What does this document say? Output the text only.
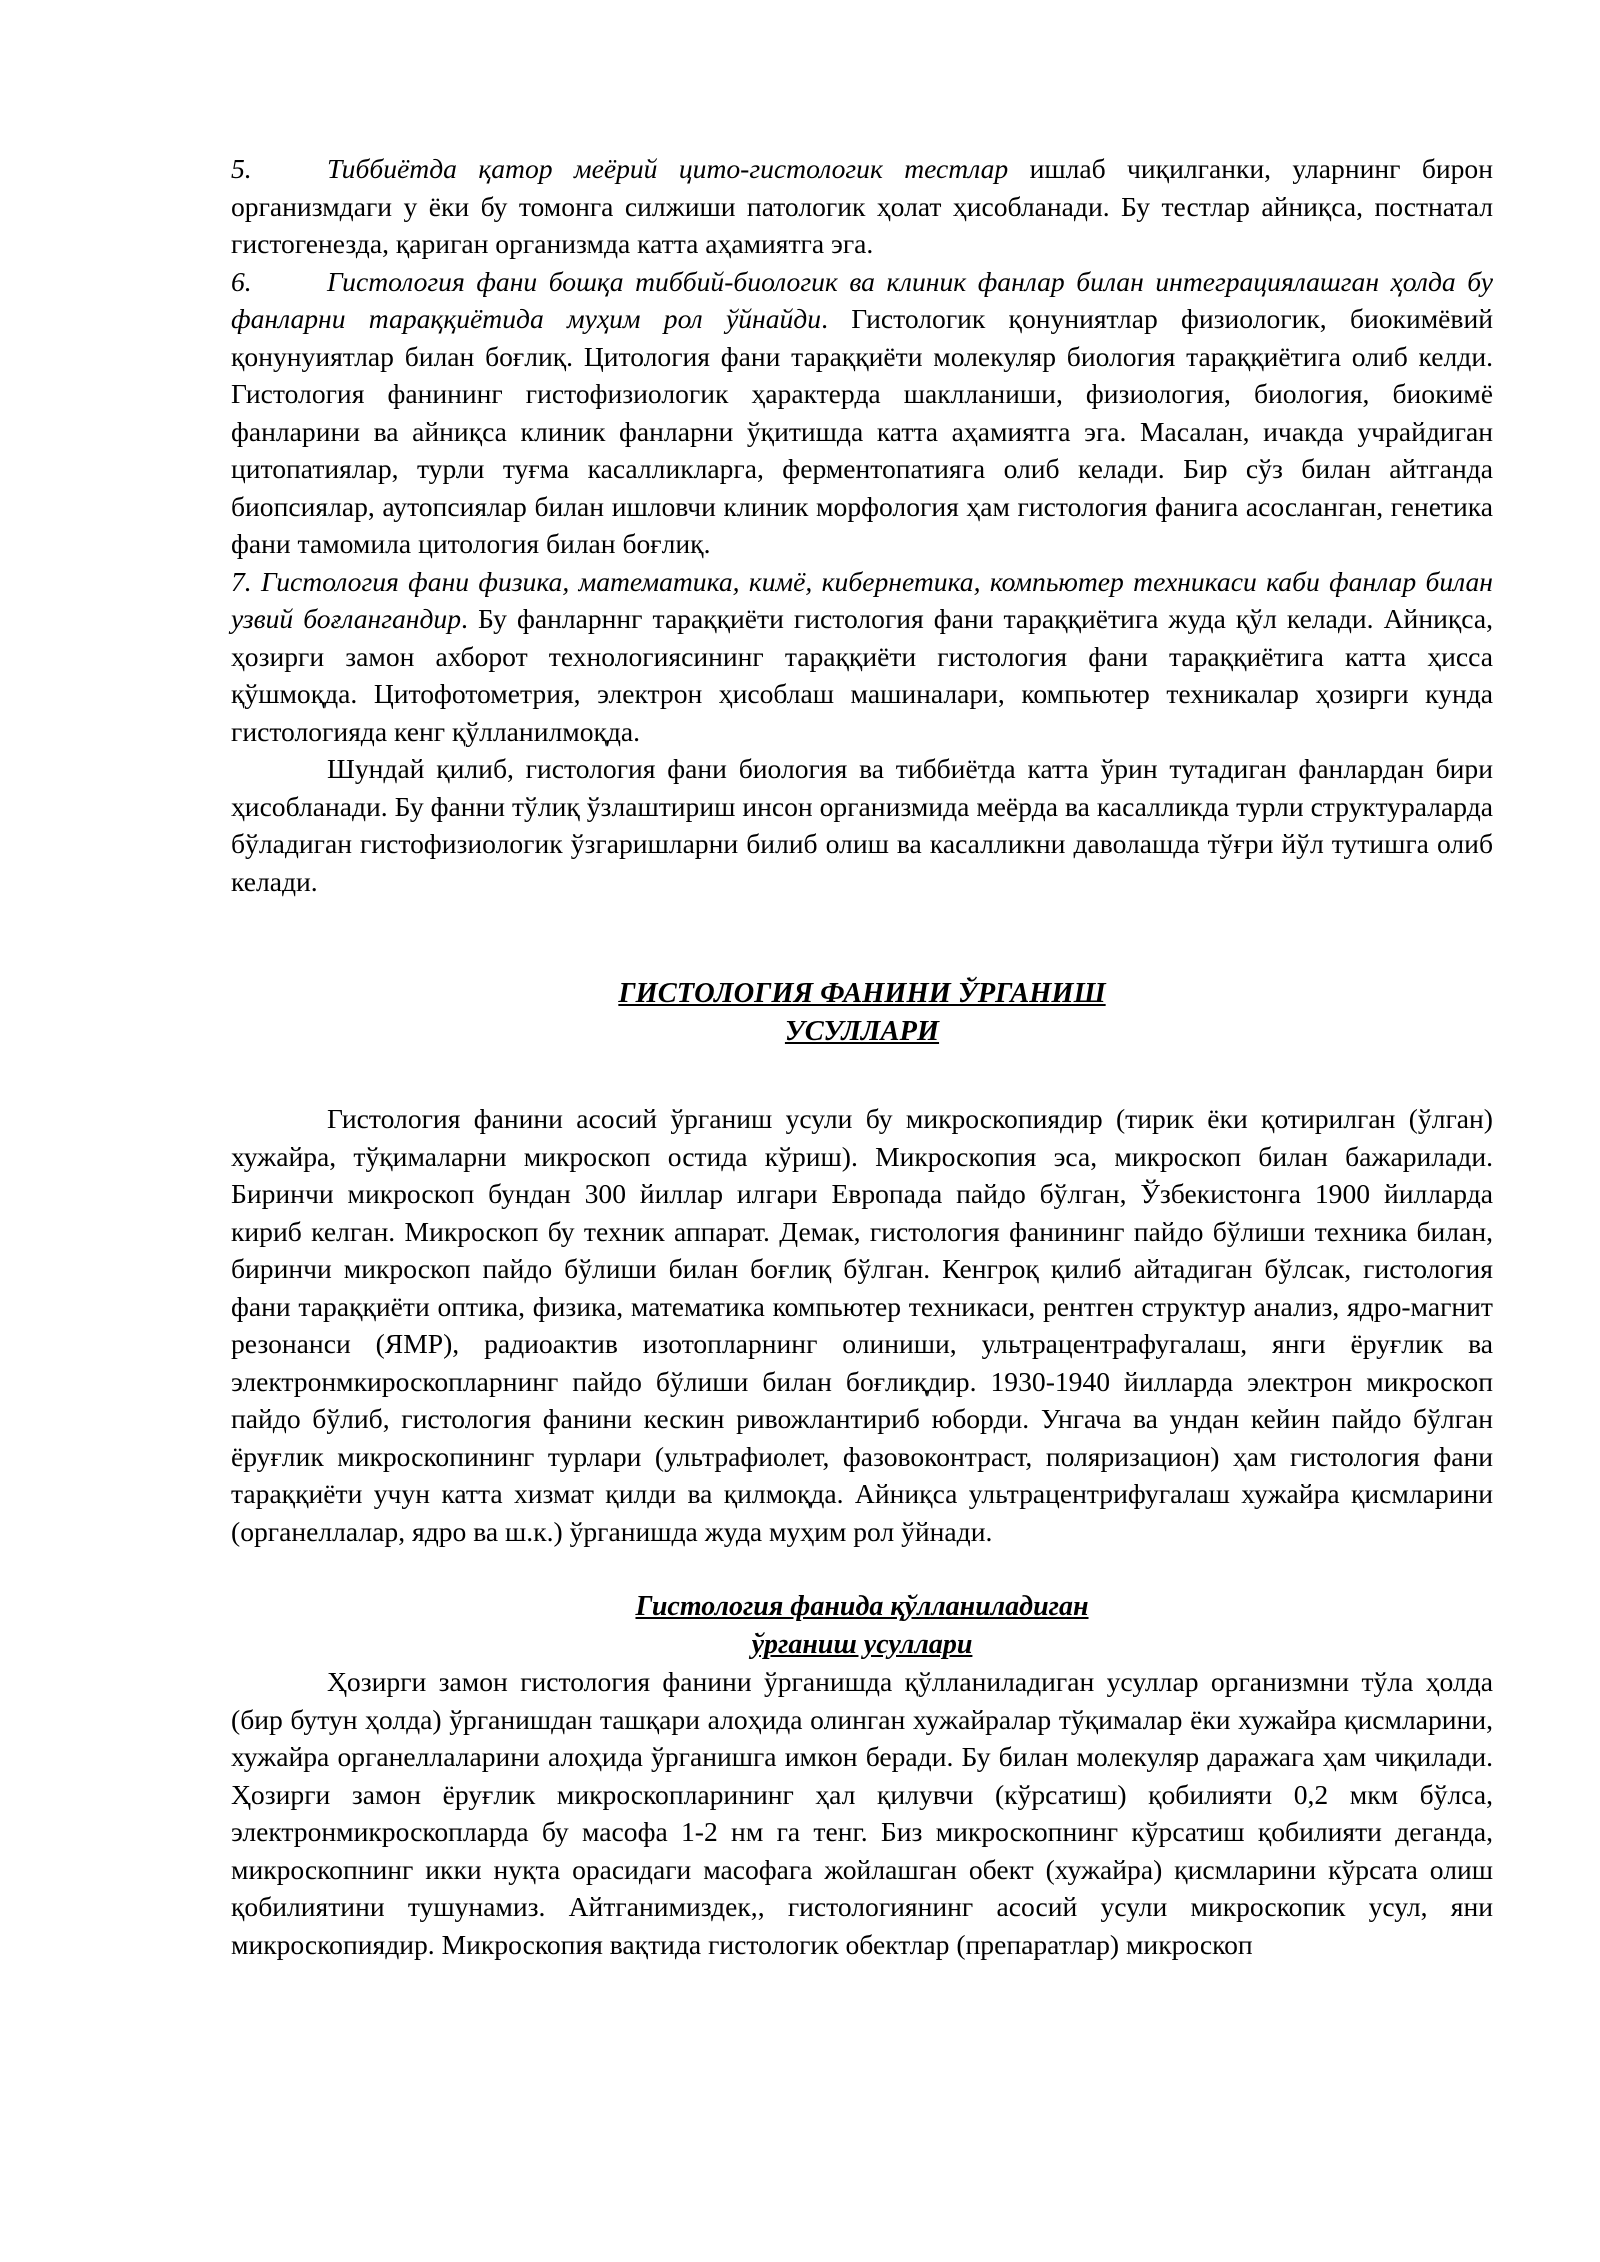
5.	Тиббиётда қатор меёрий цито-гистологик тестлар ишлаб чиқилганки, уларнинг бирон организмдаги у ёки бу томонга силжиши патологик ҳолат ҳисобланади. Бу тестлар айниқса, постнатал гистогенезда, қариган организмда катта аҳамиятга эга.

6.	Гистология фани бошқа тиббий-биологик ва клиник фанлар билан интеграциялашган ҳолда бу фанларни тараққиётида муҳим рол ўйнайди. Гистологик қонуниятлар физиологик, биокимёвий қонунуиятлар билан боғлиқ. Цитология фани тараққиёти молекуляр биология тараққиётига олиб келди. Гистология фанининг гистофизиологик ҳарактерда шаклланиши, физиология, биология, биокимё фанларини ва айниқса клиник фанларни ўқитишда катта аҳамиятга эга. Масалан, ичакда учрайдиган цитопатиялар, турли туғма касалликларга, ферментопатияга олиб келади. Бир сўз билан айтганда биопсиялар, аутопсиялар билан ишловчи клиник морфология ҳам гистология фанига асосланган, генетика фани тамомила цитология билан боғлиқ.

7. Гистология фани физика, математика, кимё, кибернетика, компьютер техникаси каби фанлар билан узвий боғлангандир. Бу фанларннг тараққиёти гистология фани тараққиётига жуда қўл келади. Айниқса, ҳозирги замон ахборот технологиясининг тараққиёти гистология фани тараққиётига катта ҳисса қўшмоқда. Цитофотометрия, электрон ҳисоблаш машиналари, компьютер техникалар ҳозирги кунда гистологияда кенг қўлланилмоқда.

Шундай қилиб, гистология фани биология ва тиббиётда катта ўрин тутадиган фанлардан бири ҳисобланади. Бу фанни тўлиқ ўзлаштириш инсон организмида меёрда ва касалликда турли структураларда бўладиган гистофизиологик ўзгаришларни билиб олиш ва касалликни даволашда тўғри йўл тутишга олиб келади.

ГИСТОЛОГИЯ ФАНИНИ ЎРГАНИШ

УСУЛЛАРИ

Гистология фанини асосий ўрганиш усули бу микроскопиядир (тирик ёки қотирилган (ўлган) хужайра, тўқималарни микроскоп остида кўриш). Микроскопия эса, микроскоп билан бажарилади. Биринчи микроскоп бундан 300 йиллар илгари Европада пайдо бўлган, Ўзбекистонга 1900 йилларда кириб келган. Микроскоп бу техник аппарат. Демак, гистология фанининг пайдо бўлиши техника билан, биринчи микроскоп пайдо бўлиши билан боғлиқ бўлган. Кенгроқ қилиб айтадиган бўлсак, гистология фани тараққиёти оптика, физика, математика компьютер техникаси, рентген структур анализ, ядро-магнит резонанси (ЯМР), радиоактив изотопларнинг олиниши, ультрацентрафугалаш, янги ёруғлик ва электронмкироскопларнинг пайдо бўлиши билан боғлиқдир. 1930-1940 йилларда электрон микроскоп пайдо бўлиб, гистология фанини кескин ривожлантириб юборди. Унгача ва ундан кейин пайдо бўлган ёруғлик микроскопининг турлари (ультрафиолет, фазовоконтраст, поляризацион) ҳам гистология фани тараққиёти учун катта хизмат қилди ва қилмоқда. Айниқса ультрацентрифугалаш хужайра қисмларини (органеллалар, ядро ва ш.к.) ўрганишда жуда муҳим рол ўйнади.

Гистология фанида қўлланиладиган

ўрганиш усуллари

Ҳозирги замон гистология фанини ўрганишда қўлланиладиган усуллар организмни тўла ҳолда (бир бутун ҳолда) ўрганишдан ташқари алоҳида олинган хужайралар тўқималар ёки хужайра қисмларини, хужайра органеллаларини алоҳида ўрганишга имкон беради. Бу билан молекуляр даражага ҳам чиқилади. Ҳозирги замон ёруғлик микроскопларининг ҳал қилувчи (кўрсатиш) қобилияти 0,2 мкм бўлса, электронмикроскопларда бу масофа 1-2 нм га тенг. Биз микроскопнинг кўрсатиш қобилияти деганда, микроскопнинг икки нуқта орасидаги масофага жойлашган обект (хужайра) қисмларини кўрсата олиш қобилиятини тушунамиз. Айтганимиздек,, гистологиянинг асосий усули микроскопик усул, яни микроскопиядир. Микроскопия вақтида гистологик обектлар (препаратлар) микроскоп
